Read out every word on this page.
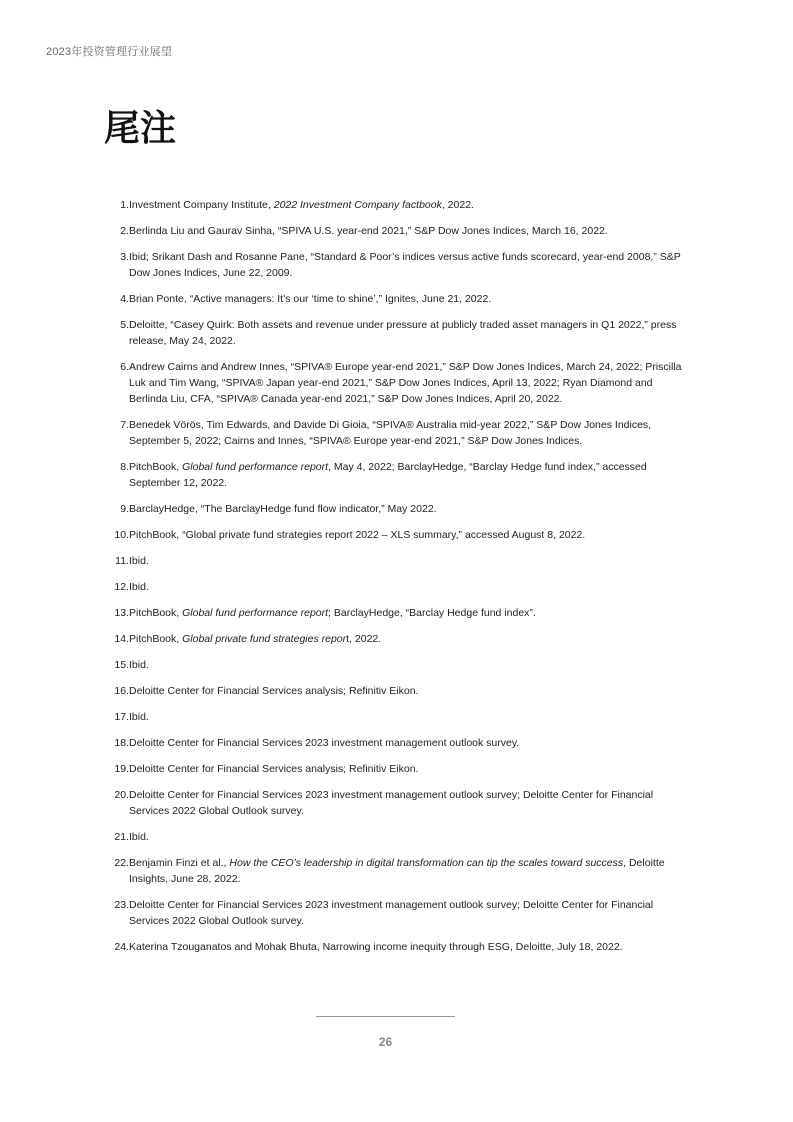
2023年投资管理行业展望
尾注
1. Investment Company Institute, 2022 Investment Company factbook, 2022.
2. Berlinda Liu and Gaurav Sinha, “SPIVA U.S. year-end 2021,” S&P Dow Jones Indices, March 16, 2022.
3. Ibid; Srikant Dash and Rosanne Pane, “Standard & Poor’s indices versus active funds scorecard, year-end 2008,” S&P Dow Jones Indices, June 22, 2009.
4. Brian Ponte, “Active managers: It’s our ‘time to shine’,” Ignites, June 21, 2022.
5. Deloitte, “Casey Quirk: Both assets and revenue under pressure at publicly traded asset managers in Q1 2022,” press release, May 24, 2022.
6. Andrew Cairns and Andrew Innes, “SPIVA® Europe year-end 2021,” S&P Dow Jones Indices, March 24, 2022; Priscilla Luk and Tim Wang, “SPIVA® Japan year-end 2021,” S&P Dow Jones Indices, April 13, 2022; Ryan Diamond and Berlinda Liu, CFA, “SPIVA® Canada year-end 2021,” S&P Dow Jones Indices, April 20, 2022.
7. Benedek Vörös, Tim Edwards, and Davide Di Gioia, “SPIVA® Australia mid-year 2022,” S&P Dow Jones Indices, September 5, 2022; Cairns and Innes, “SPIVA® Europe year-end 2021,” S&P Dow Jones Indices.
8. PitchBook, Global fund performance report, May 4, 2022; BarclayHedge, “Barclay Hedge fund index,” accessed September 12, 2022.
9. BarclayHedge, “The BarclayHedge fund flow indicator,” May 2022.
10. PitchBook, “Global private fund strategies report 2022 – XLS summary,” accessed August 8, 2022.
11. Ibid.
12. Ibid.
13. PitchBook, Global fund performance report; BarclayHedge, “Barclay Hedge fund index”.
14. PitchBook, Global private fund strategies report, 2022.
15. Ibid.
16. Deloitte Center for Financial Services analysis; Refinitiv Eikon.
17. Ibid.
18. Deloitte Center for Financial Services 2023 investment management outlook survey.
19. Deloitte Center for Financial Services analysis; Refinitiv Eikon.
20. Deloitte Center for Financial Services 2023 investment management outlook survey; Deloitte Center for Financial Services 2022 Global Outlook survey.
21. Ibid.
22. Benjamin Finzi et al., How the CEO’s leadership in digital transformation can tip the scales toward success, Deloitte Insights, June 28, 2022.
23. Deloitte Center for Financial Services 2023 investment management outlook survey; Deloitte Center for Financial Services 2022 Global Outlook survey.
24. Katerina Tzouganatos and Mohak Bhuta, Narrowing income inequity through ESG, Deloitte, July 18, 2022.
26
